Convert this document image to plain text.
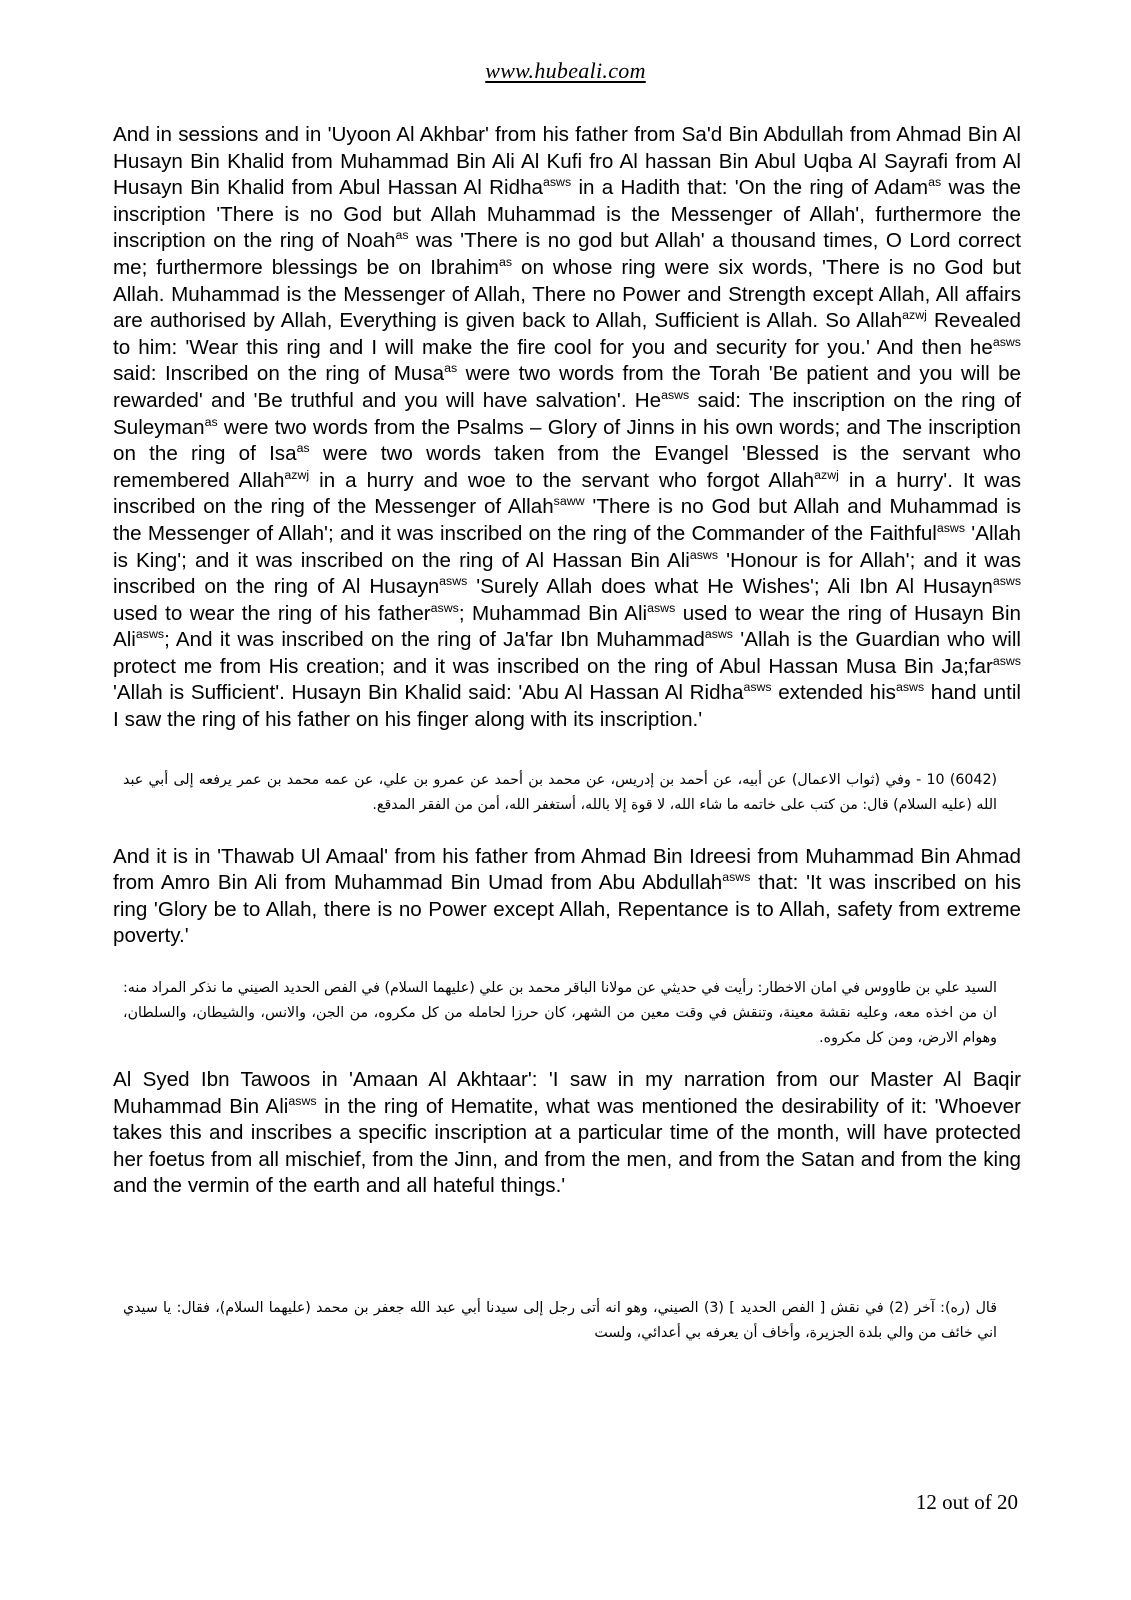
www.hubeali.com

And in sessions and in 'Uyoon Al Akhbar' from his father from Sa'd Bin Abdullah from Ahmad Bin Al Husayn Bin Khalid from Muhammad Bin Ali Al Kufi fro Al hassan Bin Abul Uqba Al Sayrafi from Al Husayn Bin Khalid from Abul Hassan Al Ridha$^{asws}$ in a Hadith that: 'On the ring of Adam$^{as}$ was the inscription 'There is no God but Allah Muhammad is the Messenger of Allah', furthermore the inscription on the ring of Noah$^{as}$ was 'There is no god but Allah' a thousand times, O Lord correct me; furthermore blessings be on Ibrahim$^{as}$ on whose ring were six words, 'There is no God but Allah. Muhammad is the Messenger of Allah, There no Power and Strength except Allah, All affairs are authorised by Allah, Everything is given back to Allah, Sufficient is Allah. So Allah$^{azwj}$ Revealed to him: 'Wear this ring and I will make the fire cool for you and security for you.' And then $he^{asws}$ said: Inscribed on the ring of Musa$^{as}$ were two words from the Torah 'Be patient and you will be rewarded' and 'Be truthful and you will have salvation'. $He^{asws}$ said: The inscription on the ring of Suleyman$^{as}$ were two words from the Psalms – Glory of Jinns in his own words; and The inscription on the ring of Isa$^{as}$ were two words taken from the Evangel 'Blessed is the servant who remembered Allah$^{azwj}$ in a hurry and woe to the servant who forgot Allah$^{azwj}$ in a hurry'. It was inscribed on the ring of the Messenger of Allah$^{saww}$ 'There is no God but Allah and Muhammad is the Messenger of Allah'; and it was inscribed on the ring of the Commander of the Faithful$^{asws}$ 'Allah is King'; and it was inscribed on the ring of Al Hassan Bin Ali$^{asws}$ 'Honour is for Allah'; and it was inscribed on the ring of Al Husayn$^{asws}$ 'Surely Allah does what He Wishes'; Ali Ibn Al Husayn$^{asws}$ used to wear the ring of his father$^{asws}$; Muhammad Bin Ali$^{asws}$ used to wear the ring of Husayn Bin Ali$^{asws}$; And it was inscribed on the ring of Ja'far Ibn Muhammad$^{asws}$ 'Allah is the Guardian who will protect me from His creation; and it was inscribed on the ring of Abul Hassan Musa Bin Ja;far$^{asws}$ 'Allah is Sufficient'. Husayn Bin Khalid said: 'Abu Al Hassan Al Ridha$^{asws}$ extended his$^{asws}$ hand until I saw the ring of his father on his finger along with its inscription.'

(6042) 10 - وفي (ثواب الاعمال) عن أبيه، عن أحمد بن إدريس، عن محمد بن أحمد عن عمرو بن علي، عن عمه محمد بن عمر يرفعه إلى أبي عبد الله (عليه السلام) قال: من كتب على خاتمه ما شاء الله، لا قوة إلا بالله، أستغفر الله، أمن من الفقر المدقع.

And it is in 'Thawab Ul Amaal' from his father from Ahmad Bin Idreesi from Muhammad Bin Ahmad from Amro Bin Ali from Muhammad Bin Umad from Abu Abdullah$^{asws}$ that: 'It was inscribed on his ring 'Glory be to Allah, there is no Power except Allah, Repentance is to Allah, safety from extreme poverty.'

السيد علي بن طاووس في امان الاخطار: رأيت في حديثي عن مولانا الباقر محمد بن علي (عليهما السلام) في الفص الحديد الصيني ما نذكر المراد منه: ان من اخذه معه، وعليه نقشة معينة، وتنقش في وقت معين من الشهر، كان حرزا لحامله من كل مكروه، من الجن، والانس، والشيطان، والسلطان، وهوام الارض، ومن كل مكروه.

Al Syed Ibn Tawoos in 'Amaan Al Akhtaar': 'I saw in my narration from our Master Al Baqir Muhammad Bin Ali$^{asws}$ in the ring of Hematite, what was mentioned the desirability of it: 'Whoever takes this and inscribes a specific inscription at a particular time of the month, will have protected her foetus from all mischief, from the Jinn, and from the men, and from the Satan and from the king and the vermin of the earth and all hateful things.'

قال (ره): آخر (2) في نقش [ الفص الحديد ] (3) الصيني، وهو انه أتى رجل إلى سيدنا أبي عبد الله جعفر بن محمد (عليهما السلام)، فقال: يا سيدي اني خائف من والي بلدة الجزيرة، وأخاف أن يعرفه بي أعدائي، ولست

12 out of 20
